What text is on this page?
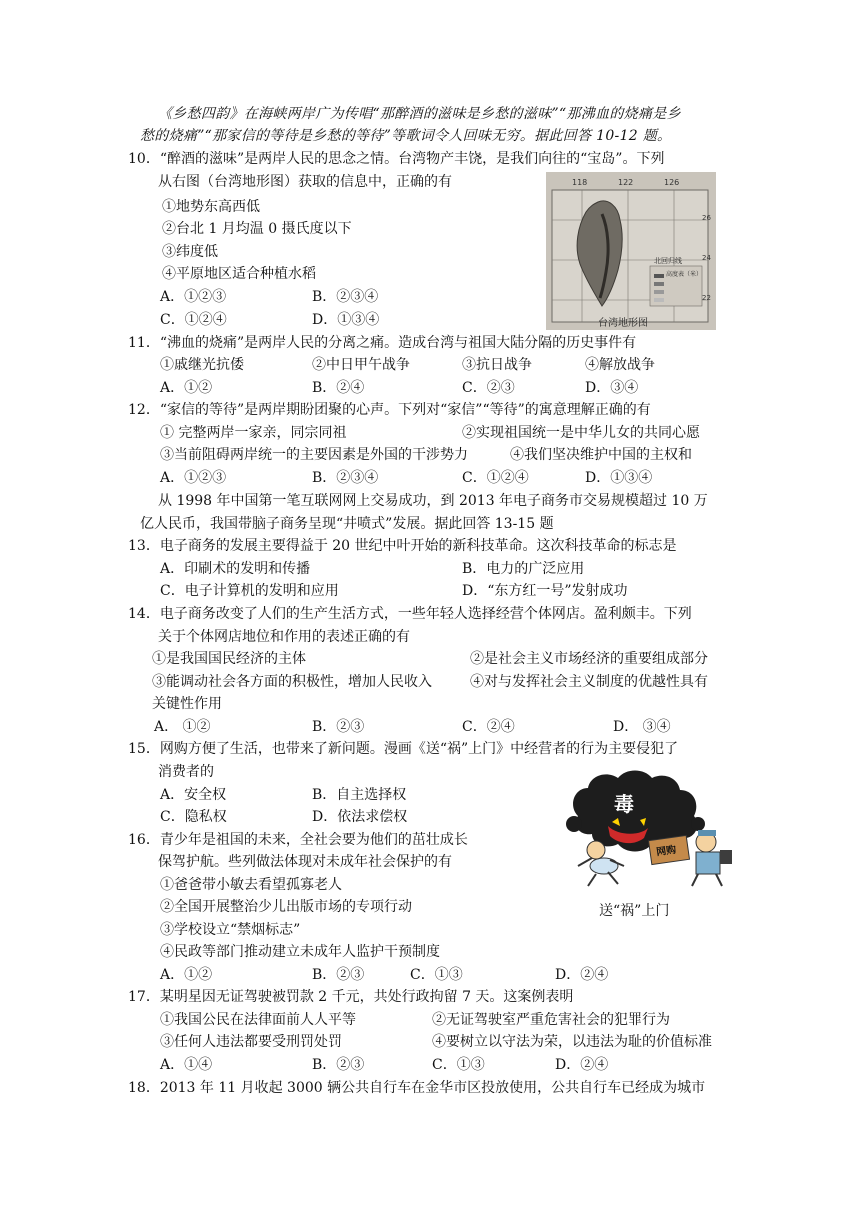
《乡愁四韵》在海峡两岸广为传唱“那醉酒的滋味是乡愁的滋味”“那沸血的烧痛是乡
愁的烧痛”“那家信的等待是乡愁的等待”等歌词令人回味无穷。据此回答 10-12 题。
10．“醉酒的滋味”是两岸人民的思念之情。台湾物产丰饶，是我们向往的“宝岛”。下列
从右图（台湾地形图）获取的信息中，正确的有
①地势东高西低
②台北 1 月均温 0 摄氏度以下
③纬度低
④平原地区适合种植水稻
A．①②③	B．②③④
C．①②④	D．①③④
118	122	126
26
24
22
北回归线
高度表（米）
台湾地形图
11．“沸血的烧痛”是两岸人民的分离之痛。造成台湾与祖国大陆分隔的历史事件有
①戚继光抗倭	②中日甲午战争	③抗日战争	④解放战争
A．①②	B．②④	C．②③	D．③④
12．“家信的等待”是两岸期盼团聚的心声。下列对“家信”“等待”的寓意理解正确的有
① 完整两岸一家亲，同宗同祖	②实现祖国统一是中华儿女的共同心愿
③当前阻碍两岸统一的主要因素是外国的干涉势力	④我们坚决维护中国的主权和
A．①②③	B．②③④	C．①②④	D．①③④
从 1998 年中国第一笔互联网网上交易成功，到 2013 年电子商务市交易规模超过 10 万
亿人民币，我国带脑子商务呈现“井喷式”发展。据此回答 13-15 题
13．电子商务的发展主要得益于 20 世纪中叶开始的新科技革命。这次科技革命的标志是
A．印刷术的发明和传播	B．电力的广泛应用
C．电子计算机的发明和应用	D．“东方红一号”发射成功
14．电子商务改变了人们的生产生活方式，一些年轻人选择经营个体网店。盈利颇丰。下列
关于个体网店地位和作用的表述正确的有
①是我国国民经济的主体	②是社会主义市场经济的重要组成部分
③能调动社会各方面的积极性，增加人民收入	④对与发挥社会主义制度的优越性具有
关键性作用
A． ①②	B．②③	C．②④	D． ③④
15．网购方便了生活，也带来了新问题。漫画《送“祸”上门》中经营者的行为主要侵犯了
消费者的
A．安全权	B．自主选择权
C．隐私权	D．依法求偿权
毒
网购
送“祸”上门
16．青少年是祖国的未来，全社会要为他们的茁壮成长
保驾护航。些列做法体现对未成年社会保护的有
①爸爸带小敏去看望孤寡老人
②全国开展整治少儿出版市场的专项行动
③学校设立“禁烟标志”
④民政等部门推动建立未成年人监护干预制度
A．①②	B．②③	C．①③	D．②④
17．某明星因无证驾驶被罚款 2 千元，共处行政拘留 7 天。这案例表明
①我国公民在法律面前人人平等	②无证驾驶室严重危害社会的犯罪行为
③任何人违法都要受刑罚处罚	④要树立以守法为荣，以违法为耻的价值标准
A．①④	B．②③	C．①③	D．②④
18．2013 年 11 月收起 3000 辆公共自行车在金华市区投放使用，公共自行车已经成为城市
